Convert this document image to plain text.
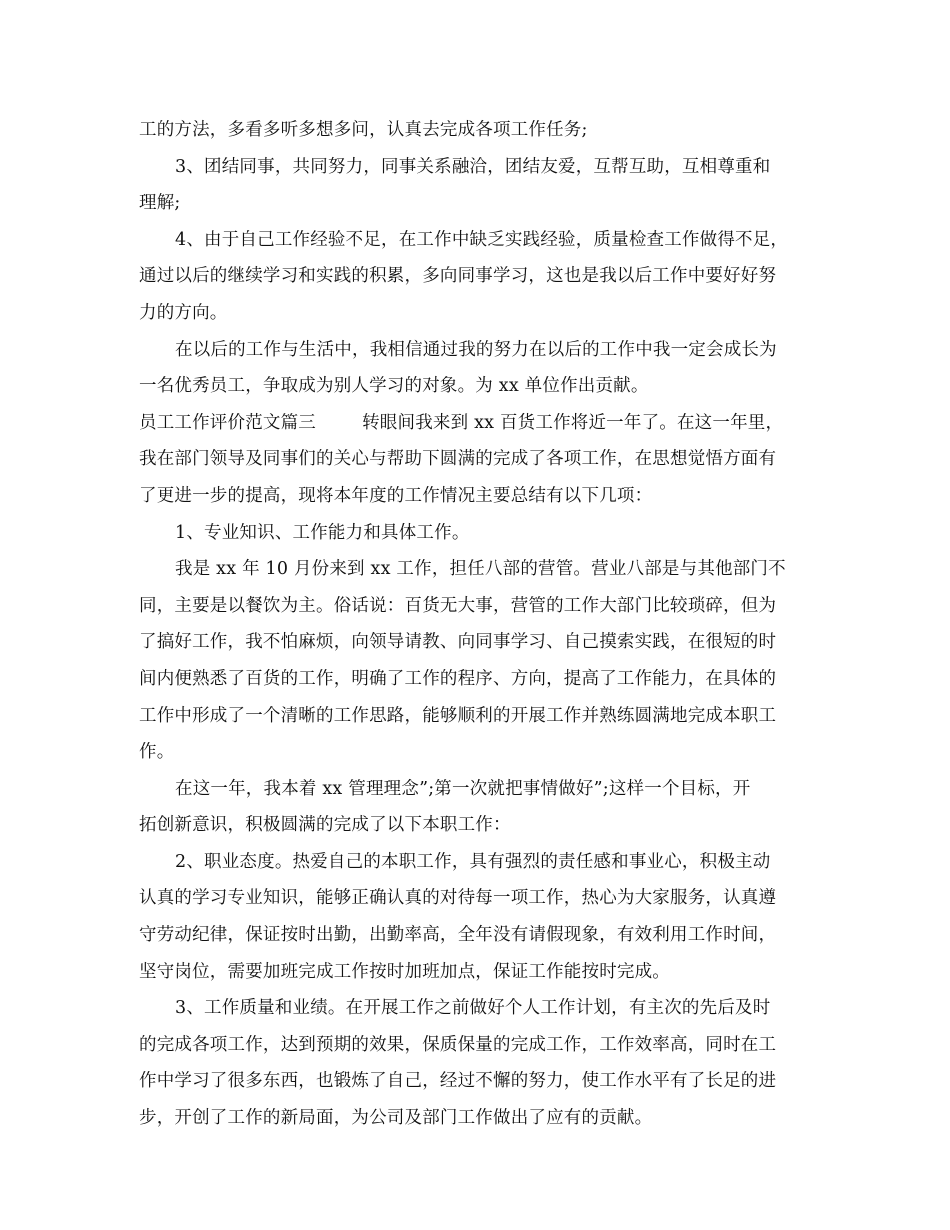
工的方法，多看多听多想多问，认真去完成各项工作任务;
3、团结同事，共同努力，同事关系融洽，团结友爱，互帮互助，互相尊重和
理解;
4、由于自己工作经验不足，在工作中缺乏实践经验，质量检查工作做得不足，
通过以后的继续学习和实践的积累，多向同事学习，这也是我以后工作中要好好努
力的方向。
在以后的工作与生活中，我相信通过我的努力在以后的工作中我一定会成长为
一名优秀员工，争取成为别人学习的对象。为 xx 单位作出贡献。
员工工作评价范文篇三        转眼间我来到 xx 百货工作将近一年了。在这一年里，
我在部门领导及同事们的关心与帮助下圆满的完成了各项工作，在思想觉悟方面有
了更进一步的提高，现将本年度的工作情况主要总结有以下几项：
1、专业知识、工作能力和具体工作。
我是 xx 年 10 月份来到 xx 工作，担任八部的营管。营业八部是与其他部门不
同，主要是以餐饮为主。俗话说：百货无大事，营管的工作大部门比较琐碎，但为
了搞好工作，我不怕麻烦，向领导请教、向同事学习、自己摸索实践，在很短的时
间内便熟悉了百货的工作，明确了工作的程序、方向，提高了工作能力，在具体的
工作中形成了一个清晰的工作思路，能够顺利的开展工作并熟练圆满地完成本职工
作。
在这一年，我本着 xx 管理理念”;第一次就把事情做好”;这样一个目标，开
拓创新意识，积极圆满的完成了以下本职工作：
2、职业态度。热爱自己的本职工作，具有强烈的责任感和事业心，积极主动
认真的学习专业知识，能够正确认真的对待每一项工作，热心为大家服务，认真遵
守劳动纪律，保证按时出勤，出勤率高，全年没有请假现象，有效利用工作时间，
坚守岗位，需要加班完成工作按时加班加点，保证工作能按时完成。
3、工作质量和业绩。在开展工作之前做好个人工作计划，有主次的先后及时
的完成各项工作，达到预期的效果，保质保量的完成工作，工作效率高，同时在工
作中学习了很多东西，也锻炼了自己，经过不懈的努力，使工作水平有了长足的进
步，开创了工作的新局面，为公司及部门工作做出了应有的贡献。
